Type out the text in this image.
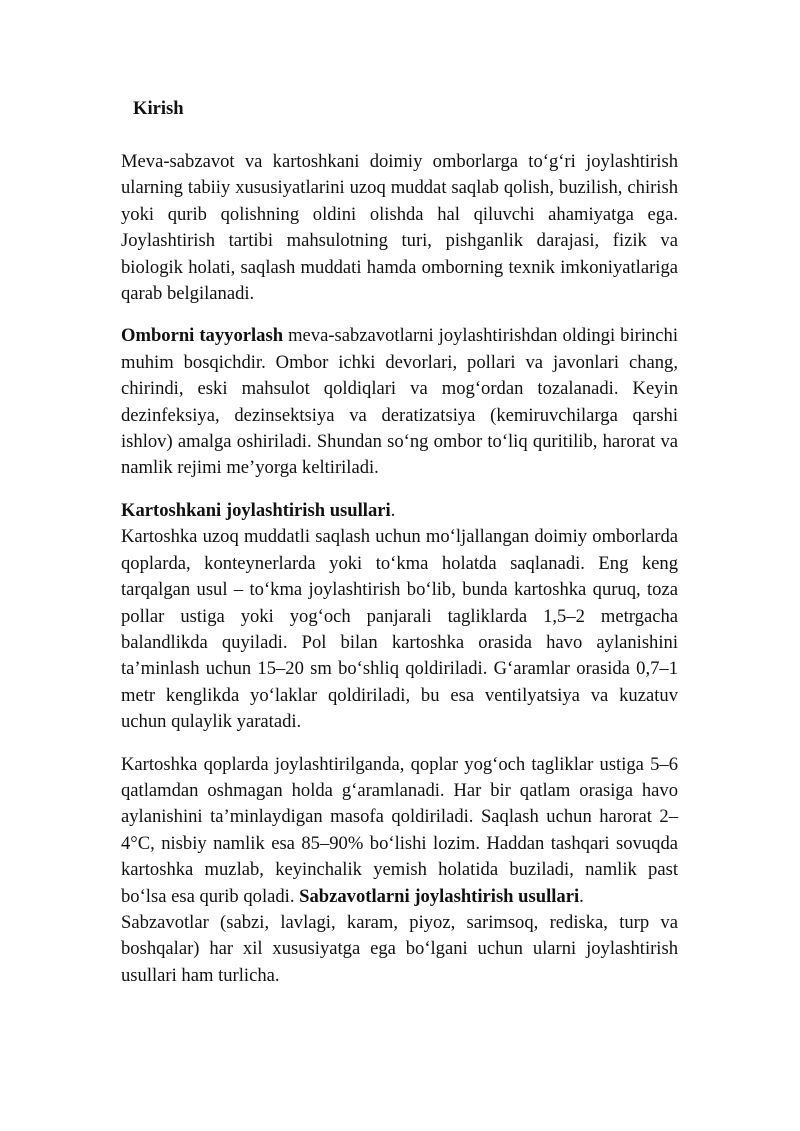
Kirish

Meva-sabzavot va kartoshkani doimiy omborlarga to‘g‘ri joylashtirish ularning tabiiy xususiyatlarini uzoq muddat saqlab qolish, buzilish, chirish yoki qurib qolishning oldini olishda hal qiluvchi ahamiyatga ega. Joylashtirish tartibi mahsulotning turi, pishganlik darajasi, fizik va biologik holati, saqlash muddati hamda omborning texnik imkoniyatlariga qarab belgilanadi.

Omborni tayyorlash meva-sabzavotlarni joylashtirishdan oldingi birinchi muhim bosqichdir. Ombor ichki devorlari, pollari va javonlari chang, chirindi, eski mahsulot qoldiqlari va mog‘ordan tozalanadi. Keyin dezinfeksiya, dezinsektsiya va deratizatsiya (kemiruvchilarga qarshi ishlov) amalga oshiriladi. Shundan so‘ng ombor to‘liq quritilib, harorat va namlik rejimi me’yorga keltiriladi.

Kartoshkani joylashtirish usullari.

Kartoshka uzoq muddatli saqlash uchun mo‘ljallangan doimiy omborlarda qoplarda, konteynerlarda yoki to‘kma holatda saqlanadi. Eng keng tarqalgan usul – to‘kma joylashtirish bo‘lib, bunda kartoshka quruq, toza pollar ustiga yoki yog‘och panjarali tagliklarda 1,5–2 metrgacha balandlikda quyiladi. Pol bilan kartoshka orasida havo aylanishini ta’minlash uchun 15–20 sm bo‘shliq qoldiriladi. G‘aramlar orasida 0,7–1 metr kenglikda yo‘laklar qoldiriladi, bu esa ventilyatsiya va kuzatuv uchun qulaylik yaratadi.

Kartoshka qoplarda joylashtirilganda, qoplar yog‘och tagliklar ustiga 5–6 qatlamdan oshmagan holda g‘aramlanadi. Har bir qatlam orasiga havo aylanishini ta’minlaydigan masofa qoldiriladi. Saqlash uchun harorat 2–4°C, nisbiy namlik esa 85–90% bo‘lishi lozim. Haddan tashqari sovuqda kartoshka muzlab, keyinchalik yemish holatida buziladi, namlik past bo‘lsa esa qurib qoladi. Sabzavotlarni joylashtirish usullari.

Sabzavotlar (sabzi, lavlagi, karam, piyoz, sarimsoq, rediska, turp va boshqalar) har xil xususiyatga ega bo‘lgani uchun ularni joylashtirish usullari ham turlicha.
